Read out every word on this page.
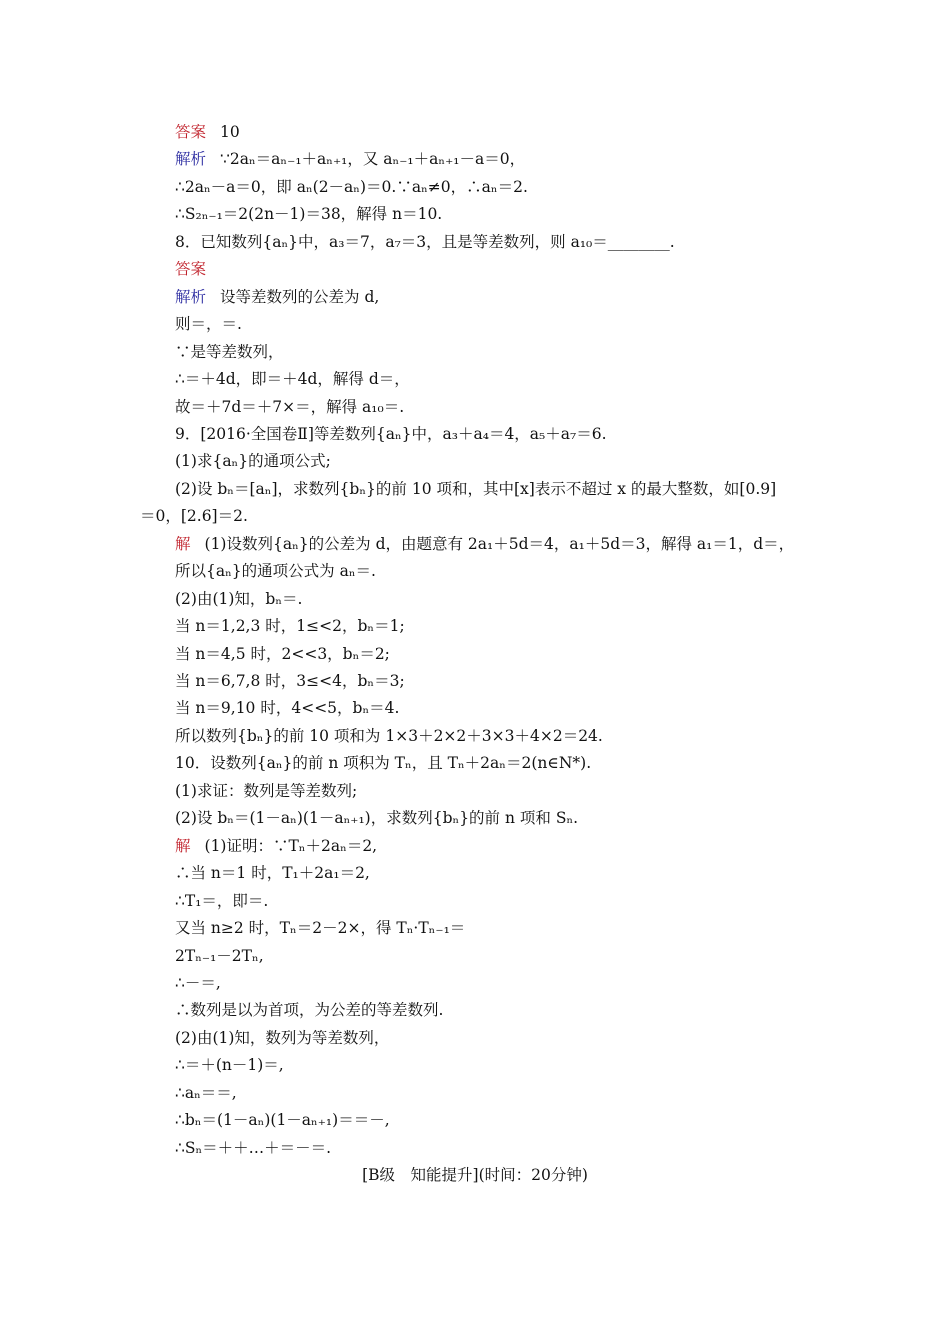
答案 10
解析 ∵2aₙ＝aₙ₋₁＋aₙ₊₁，又 aₙ₋₁＋aₙ₊₁－a＝0，
∴2aₙ－a＝0，即 aₙ(2－aₙ)＝0.∵aₙ≠0，∴aₙ＝2.
∴S₂ₙ₋₁＝2(2n－1)＝38，解得 n＝10.
8．已知数列{aₙ}中，a₃＝7，a₇＝3，且是等差数列，则 a₁₀＝________.
答案
解析 设等差数列的公差为 d,
则＝，＝.
∵是等差数列，
∴＝＋4d，即＝＋4d，解得 d＝，
故＝＋7d＝＋7×＝，解得 a₁₀＝.
9．[2016·全国卷Ⅱ]等差数列{aₙ}中，a₃＋a₄＝4，a₅＋a₇＝6.
(1)求{aₙ}的通项公式;
(2)设 bₙ＝[aₙ]，求数列{bₙ}的前 10 项和，其中[x]表示不超过 x 的最大整数，如[0.9]
＝0，[2.6]＝2.
解 (1)设数列{aₙ}的公差为 d，由题意有 2a₁＋5d＝4，a₁＋5d＝3，解得 a₁＝1，d＝，
所以{aₙ}的通项公式为 aₙ＝.
(2)由(1)知，bₙ＝.
当 n＝1,2,3 时，1≤<2，bₙ＝1;
当 n＝4,5 时，2<<3，bₙ＝2;
当 n＝6,7,8 时，3≤<4，bₙ＝3;
当 n＝9,10 时，4<<5，bₙ＝4.
所以数列{bₙ}的前 10 项和为 1×3＋2×2＋3×3＋4×2＝24.
10．设数列{aₙ}的前 n 项积为 Tₙ，且 Tₙ＋2aₙ＝2(n∈N*).
(1)求证：数列是等差数列;
(2)设 bₙ＝(1－aₙ)(1－aₙ₊₁)，求数列{bₙ}的前 n 项和 Sₙ.
解 (1)证明：∵Tₙ＋2aₙ＝2,
∴当 n＝1 时，T₁＋2a₁＝2,
∴T₁＝，即＝.
又当 n≥2 时，Tₙ＝2－2×，得 Tₙ·Tₙ₋₁＝
2Tₙ₋₁－2Tₙ,
∴－＝,
∴数列是以为首项，为公差的等差数列.
(2)由(1)知，数列为等差数列，
∴＝＋(n－1)＝,
∴aₙ＝＝,
∴bₙ＝(1－aₙ)(1－aₙ₊₁)＝＝－,
∴Sₙ＝＋＋…＋＝－＝.
[B级　知能提升](时间：20分钟)
